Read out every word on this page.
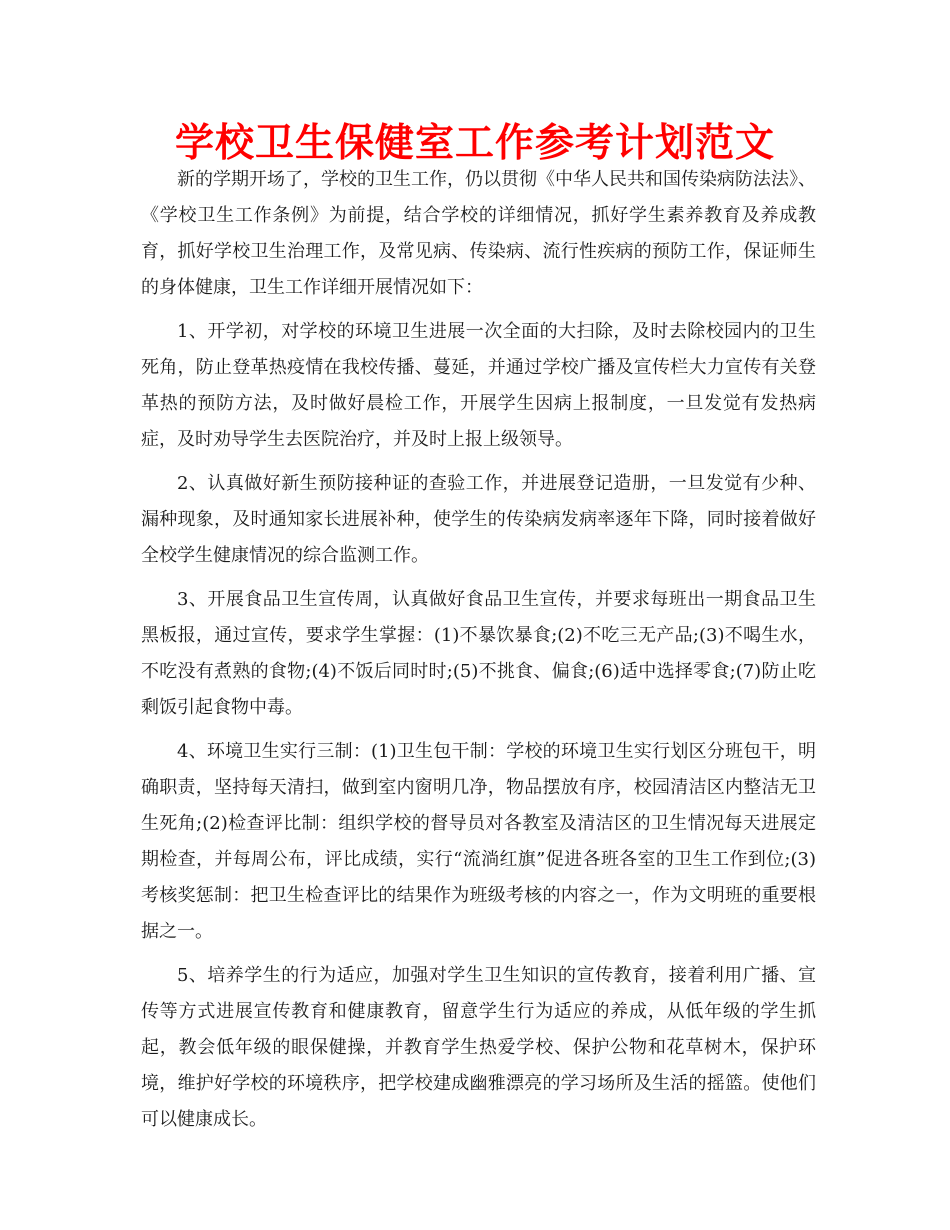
学校卫生保健室工作参考计划范文

新的学期开场了，学校的卫生工作，仍以贯彻《中华人民共和国传染病防法法》、《学校卫生工作条例》为前提，结合学校的详细情况，抓好学生素养教育及养成教育，抓好学校卫生治理工作，及常见病、传染病、流行性疾病的预防工作，保证师生的身体健康，卫生工作详细开展情况如下：

1、开学初，对学校的环境卫生进展一次全面的大扫除，及时去除校园内的卫生死角，防止登革热疫情在我校传播、蔓延，并通过学校广播及宣传栏大力宣传有关登革热的预防方法，及时做好晨检工作，开展学生因病上报制度，一旦发觉有发热病症，及时劝导学生去医院治疗，并及时上报上级领导。

2、认真做好新生预防接种证的查验工作，并进展登记造册，一旦发觉有少种、漏种现象，及时通知家长进展补种，使学生的传染病发病率逐年下降，同时接着做好全校学生健康情况的综合监测工作。

3、开展食品卫生宣传周，认真做好食品卫生宣传，并要求每班出一期食品卫生黑板报，通过宣传，要求学生掌握：(1)不暴饮暴食;(2)不吃三无产品;(3)不喝生水，不吃没有煮熟的食物;(4)不饭后同时时;(5)不挑食、偏食;(6)适中选择零食;(7)防止吃剩饭引起食物中毒。

4、环境卫生实行三制：(1)卫生包干制：学校的环境卫生实行划区分班包干，明确职责，坚持每天清扫，做到室内窗明几净，物品摆放有序，校园清洁区内整洁无卫生死角;(2)检查评比制：组织学校的督导员对各教室及清洁区的卫生情况每天进展定期检查，并每周公布，评比成绩，实行“流淌红旗”促进各班各室的卫生工作到位;(3)考核奖惩制：把卫生检查评比的结果作为班级考核的内容之一，作为文明班的重要根据之一。

5、培养学生的行为适应，加强对学生卫生知识的宣传教育，接着利用广播、宣传等方式进展宣传教育和健康教育，留意学生行为适应的养成，从低年级的学生抓起，教会低年级的眼保健操，并教育学生热爱学校、保护公物和花草树木，保护环境，维护好学校的环境秩序，把学校建成幽雅漂亮的学习场所及生活的摇篮。使他们可以健康成长。
